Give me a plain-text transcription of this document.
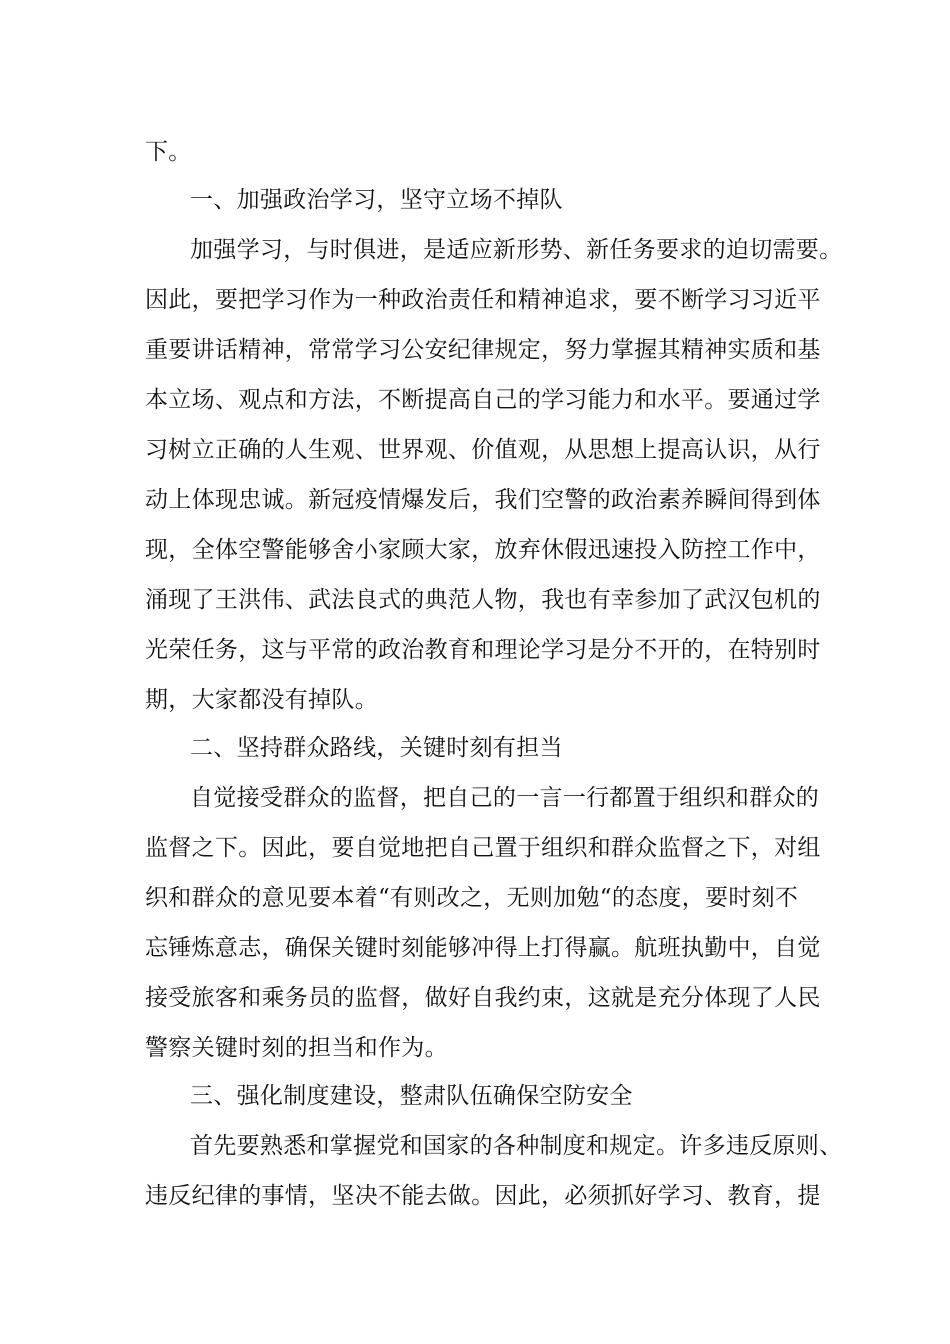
下。
一、加强政治学习，坚守立场不掉队
加强学习，与时俱进，是适应新形势、新任务要求的迫切需要。
因此，要把学习作为一种政治责任和精神追求，要不断学习习近平
重要讲话精神，常常学习公安纪律规定，努力掌握其精神实质和基
本立场、观点和方法，不断提高自己的学习能力和水平。要通过学
习树立正确的人生观、世界观、价值观，从思想上提高认识，从行
动上体现忠诚。新冠疫情爆发后，我们空警的政治素养瞬间得到体
现，全体空警能够舍小家顾大家，放弃休假迅速投入防控工作中，
涌现了王洪伟、武法良式的典范人物，我也有幸参加了武汉包机的
光荣任务，这与平常的政治教育和理论学习是分不开的，在特别时
期，大家都没有掉队。
二、坚持群众路线，关键时刻有担当
自觉接受群众的监督，把自己的一言一行都置于组织和群众的
监督之下。因此，要自觉地把自己置于组织和群众监督之下，对组
织和群众的意见要本着“有则改之，无则加勉“的态度，要时刻不
忘锤炼意志，确保关键时刻能够冲得上打得赢。航班执勤中，自觉
接受旅客和乘务员的监督，做好自我约束，这就是充分体现了人民
警察关键时刻的担当和作为。
三、强化制度建设，整肃队伍确保空防安全
首先要熟悉和掌握党和国家的各种制度和规定。许多违反原则、
违反纪律的事情，坚决不能去做。因此，必须抓好学习、教育，提
